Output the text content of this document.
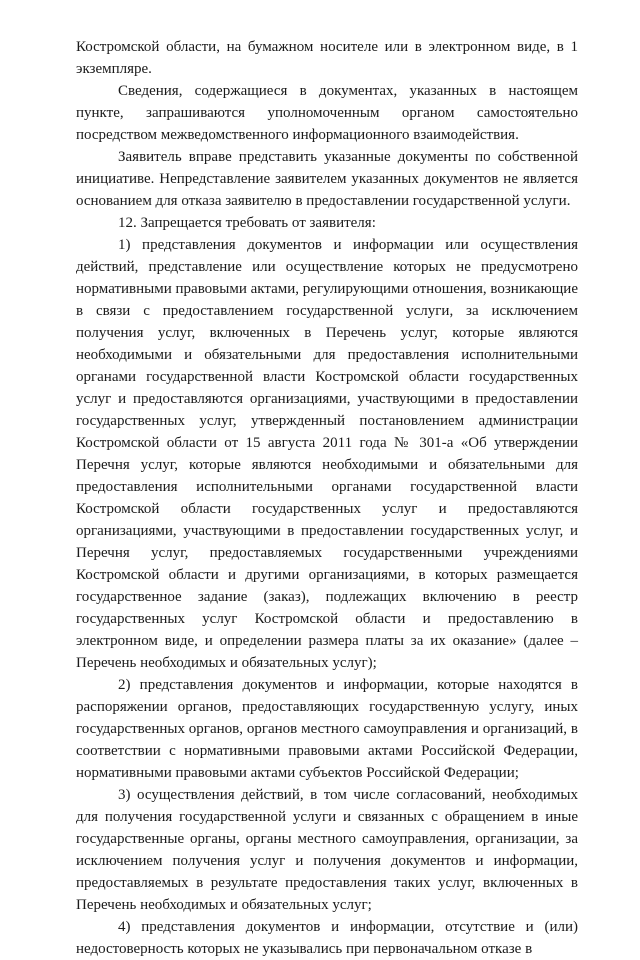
Костромской области, на бумажном носителе или в электронном виде, в 1 экземпляре.

Сведения, содержащиеся в документах, указанных в настоящем пункте, запрашиваются уполномоченным органом самостоятельно посредством межведомственного информационного взаимодействия.

Заявитель вправе представить указанные документы по собственной инициативе. Непредставление заявителем указанных документов не является основанием для отказа заявителю в предоставлении государственной услуги.

12. Запрещается требовать от заявителя:

1) представления документов и информации или осуществления действий, представление или осуществление которых не предусмотрено нормативными правовыми актами, регулирующими отношения, возникающие в связи с предоставлением государственной услуги, за исключением получения услуг, включенных в Перечень услуг, которые являются необходимыми и обязательными для предоставления исполнительными органами государственной власти Костромской области государственных услуг и предоставляются организациями, участвующими в предоставлении государственных услуг, утвержденный постановлением администрации Костромской области от 15 августа 2011 года № 301-а «Об утверждении Перечня услуг, которые являются необходимыми и обязательными для предоставления исполнительными органами государственной власти Костромской области государственных услуг и предоставляются организациями, участвующими в предоставлении государственных услуг, и Перечня услуг, предоставляемых государственными учреждениями Костромской области и другими организациями, в которых размещается государственное задание (заказ), подлежащих включению в реестр государственных услуг Костромской области и предоставлению в электронном виде, и определении размера платы за их оказание» (далее – Перечень необходимых и обязательных услуг);

2) представления документов и информации, которые находятся в распоряжении органов, предоставляющих государственную услугу, иных государственных органов, органов местного самоуправления и организаций, в соответствии с нормативными правовыми актами Российской Федерации, нормативными правовыми актами субъектов Российской Федерации;

3) осуществления действий, в том числе согласований, необходимых для получения государственной услуги и связанных с обращением в иные государственные органы, органы местного самоуправления, организации, за исключением получения услуг и получения документов и информации, предоставляемых в результате предоставления таких услуг, включенных в Перечень необходимых и обязательных услуг;

4) представления документов и информации, отсутствие и (или) недостоверность которых не указывались при первоначальном отказе в
